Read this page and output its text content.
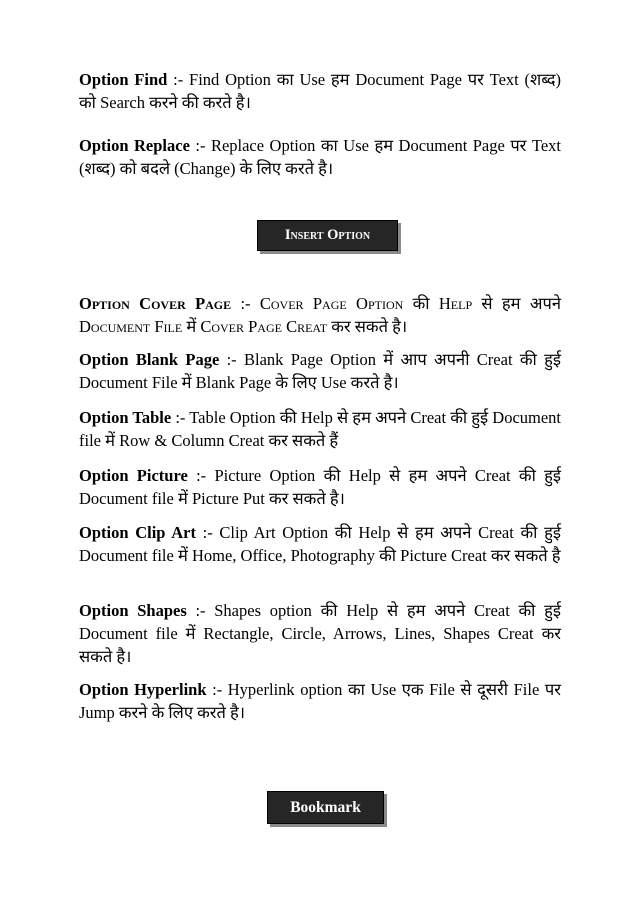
Option Find :- Find Option का Use हम Document Page पर Text (शब्द) को Search करने की करते है।

Option Replace :- Replace Option का Use हम Document Page पर Text (शब्द) को बदले (Change) के लिए करते है।

Insert Option

Option Cover Page :- Cover Page Option की Help से हम अपने Document File में Cover Page Creat कर सकते है।

Option Blank Page :- Blank Page Option में आप अपनी Creat की हुई Document File में Blank Page के लिए Use करते है।

Option Table :- Table Option की Help से हम अपने Creat की हुई Document file में Row & Column Creat कर सकते हैं

Option Picture :- Picture Option की Help से हम अपने Creat की हुई Document file में Picture Put कर सकते है।

Option Clip Art :- Clip Art Option की Help से हम अपने Creat की हुई Document file में Home, Office, Photography की Picture Creat कर सकते है

Option Shapes :- Shapes option की Help से हम अपने Creat की हुई Document file में Rectangle, Circle, Arrows, Lines, Shapes Creat कर सकते है।

Option Hyperlink :- Hyperlink option का Use एक File से दूसरी File पर Jump करने के लिए करते है।

Bookmark
